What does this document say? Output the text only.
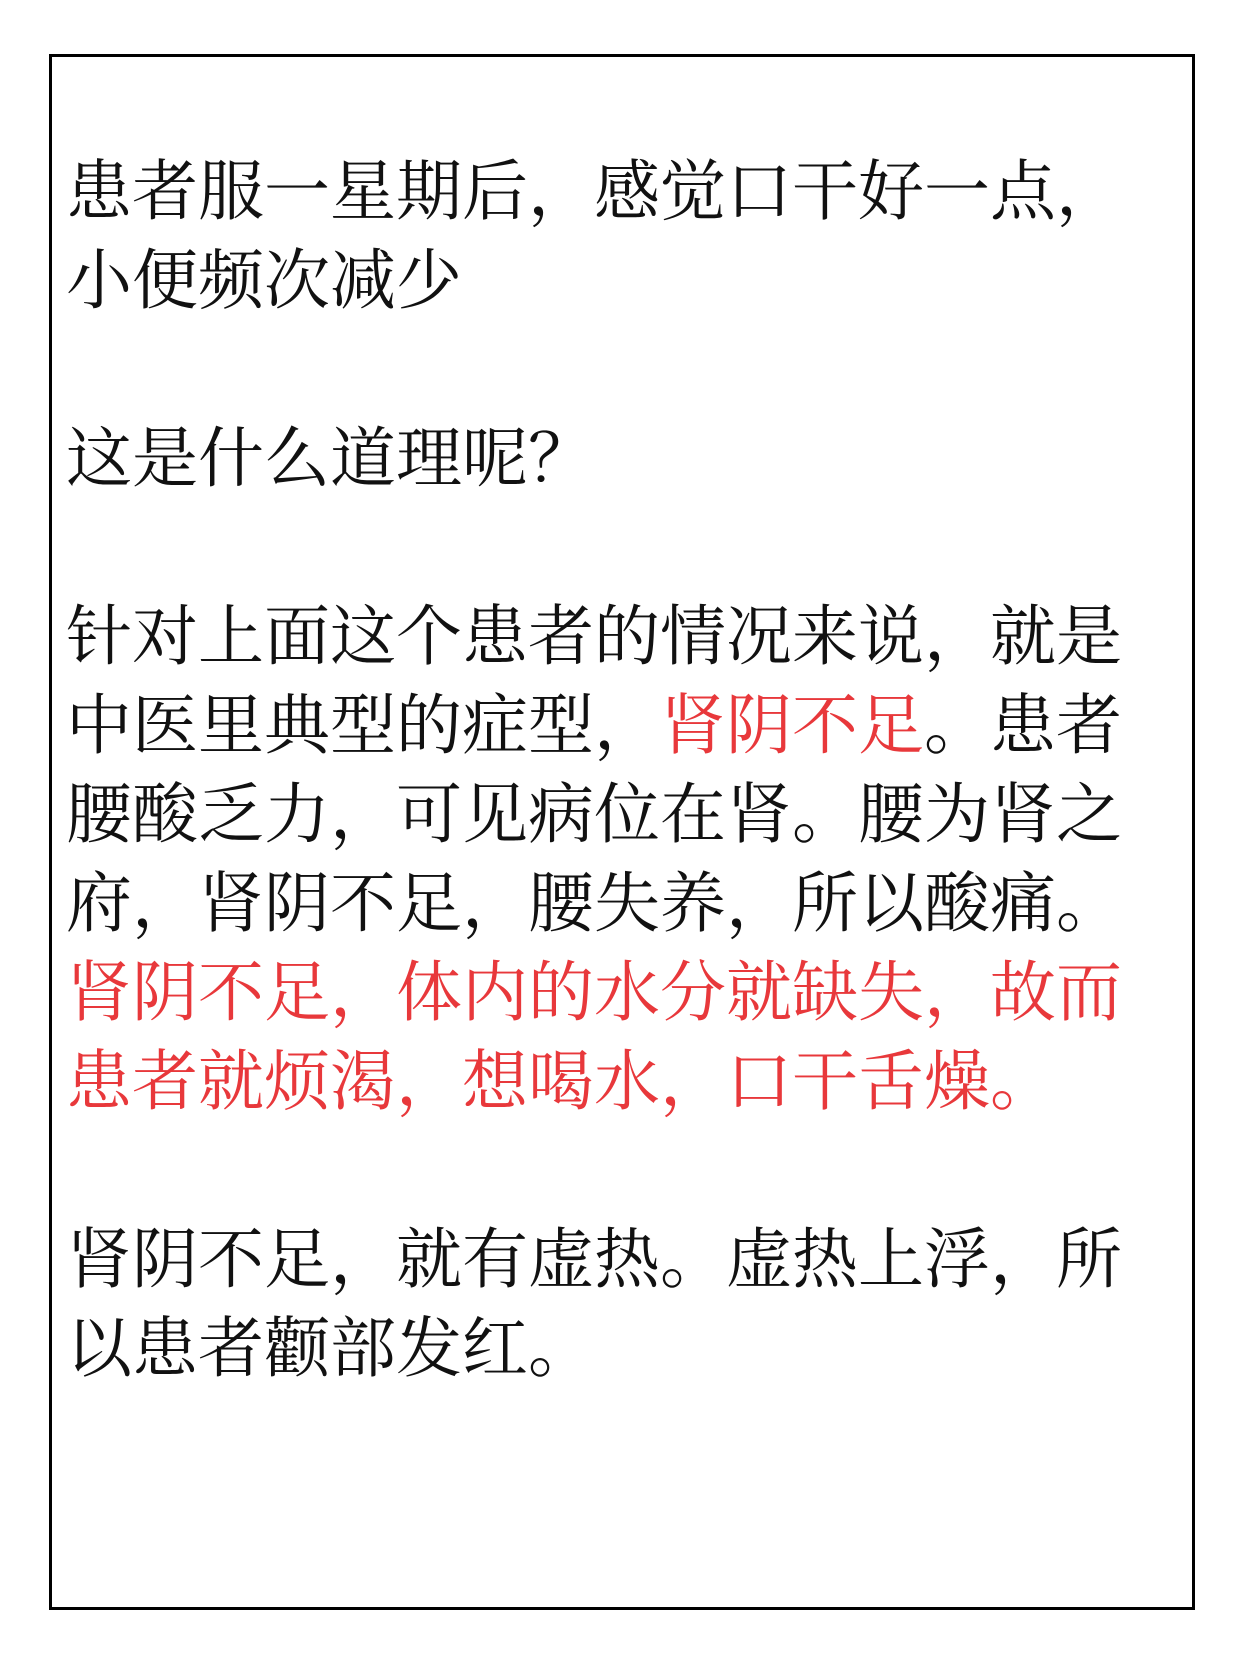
患者服一星期后，感觉口干好一点，小便频次减少

这是什么道理呢？

针对上面这个患者的情况来说，就是中医里典型的症型，肾阴不足。患者腰酸乏力，可见病位在肾。腰为肾之府，肾阴不足，腰失养，所以酸痛。肾阴不足，体内的水分就缺失，故而患者就烦渴，想喝水，口干舌燥。

肾阴不足，就有虚热。虚热上浮，所以患者颧部发红。
